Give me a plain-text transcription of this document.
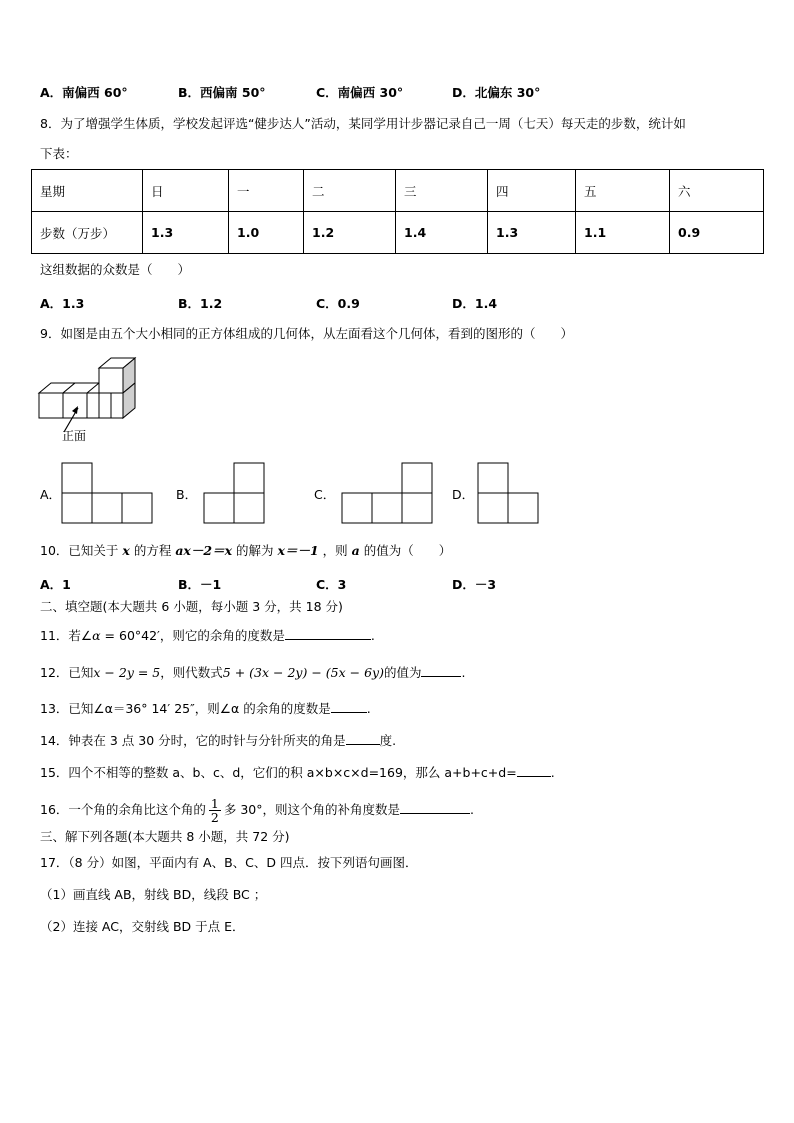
A．南偏西 60°	B．西偏南 50°	C．南偏西 30°	D．北偏东 30°
8．为了增强学生体质，学校发起评选“健步达人”活动，某同学用计步器记录自己一周（七天）每天走的步数，统计如
下表：
星期	日	一	二	三	四	五	六
步数（万步）	1.3	1.0	1.2	1.4	1.3	1.1	0.9
这组数据的众数是（　　）
A．1.3	B．1.2	C．0.9	D．1.4
9．如图是由五个大小相同的正方体组成的几何体，从左面看这个几何体，看到的图形的（　　）
正面
A．	B．	C．	D．
10．已知关于 x 的方程 ax－2＝x 的解为 x＝－1 ，则 a 的值为（　　）
A．1	B．－1	C．3	D．－3
二、填空题(本大题共 6 小题，每小题 3 分，共 18 分)
11．若∠α = 60°42′，则它的余角的度数是	.
12．已知x − 2y = 5，则代数式5 + (3x − 2y) − (5x − 6y)的值为	.
13．已知∠α＝36° 14′ 25″，则∠α 的余角的度数是	.
14．钟表在 3 点 30 分时，它的时针与分针所夹的角是	度.
15．四个不相等的整数 a、b、c、d，它们的积 a×b×c×d=169，那么 a+b+c+d=	.
16．一个角的余角比这个角的 $\frac{1}{2}$ 多 30°，则这个角的补角度数是	.
三、解下列各题(本大题共 8 小题，共 72 分)
17．（8 分）如图，平面内有 A、B、C、D 四点．按下列语句画图．
（1）画直线 AB，射线 BD，线段 BC ；
（2）连接 AC，交射线 BD 于点 E．
